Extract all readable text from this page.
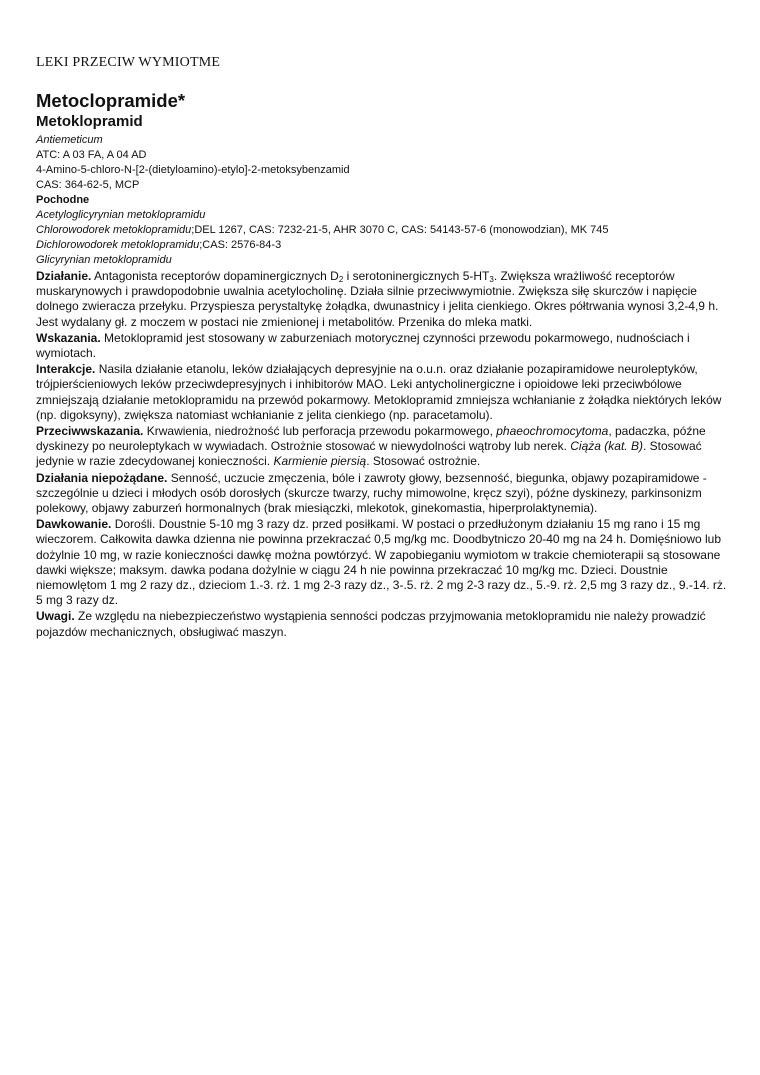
LEKI PRZECIW WYMIOTME
Metoclopramide*
Metoklopramid
Antiemeticum
ATC: A 03 FA, A 04 AD
4-Amino-5-chloro-N-[2-(dietyloamino)-etylo]-2-metoksybenzamid
CAS: 364-62-5, MCP
Pochodne
Acetyloglicyrynian metoklopramidu
Chlorowodorek metoklopramidu;DEL 1267, CAS: 7232-21-5, AHR 3070 C, CAS: 54143-57-6 (monowodzian), MK 745
Dichlorowodorek metoklopramidu;CAS: 2576-84-3
Glicyrynian metoklopramidu

Działanie. Antagonista receptorów dopaminergicznych $D_2$ i serotoninergicznych $5-HT_3$. Zwiększa wrażliwość receptorów muskarynowych i prawdopodobnie uwalnia acetylocholinę. Działa silnie przeciwwymiotnie. Zwiększa siłę skurczów i napięcie dolnego zwieracza przełyku. Przyspiesza perystaltykę żołądka, dwunastnicy i jelita cienkiego. Okres półtrwania wynosi 3,2-4,9 h. Jest wydalany gł. z moczem w postaci nie zmienionej i metabolitów. Przenika do mleka matki.

Wskazania. Metoklopramid jest stosowany w zaburzeniach motorycznej czynności przewodu pokarmowego, nudnościach i wymiotach.

Interakcje. Nasila działanie etanolu, leków działających depresyjnie na o.u.n. oraz działanie pozapiramidowe neuroleptyków, trójpierścieniowych leków przeciwdepresyjnych i inhibitorów MAO. Leki antycholinergiczne i opioidowe leki przeciwbólowe zmniejszają działanie metoklopramidu na przewód pokarmowy. Metoklopramid zmniejsza wchłanianie z żołądka niektórych leków (np. digoksyny), zwiększa natomiast wchłanianie z jelita cienkiego (np. paracetamolu).

Przeciwwskazania. Krwawienia, niedrożność lub perforacja przewodu pokarmowego, phaeochromocytoma, padaczka, późne dyskinezy po neuroleptykach w wywiadach. Ostrożnie stosować w niewydolności wątroby lub nerek. Ciąża (kat. B). Stosować jedynie w razie zdecydowanej konieczności. Karmienie piersią. Stosować ostrożnie.

Działania niepożądane. Senność, uczucie zmęczenia, bóle i zawroty głowy, bezsenność, biegunka, objawy pozapiramidowe - szczególnie u dzieci i młodych osób dorosłych (skurcze twarzy, ruchy mimowolne, kręcz szyi), późne dyskinezy, parkinsonizm polekowy, objawy zaburzeń hormonalnych (brak miesiączki, mlekotok, ginekomastia, hiperprolaktynemia).

Dawkowanie. Dorośli. Doustnie 5-10 mg 3 razy dz. przed posiłkami. W postaci o przedłużonym działaniu 15 mg rano i 15 mg wieczorem. Całkowita dawka dzienna nie powinna przekraczać 0,5 mg/kg mc. Doodbytniczo 20-40 mg na 24 h. Domięśniowo lub dożylnie 10 mg, w razie konieczności dawkę można powtórzyć. W zapobieganiu wymiotom w trakcie chemioterapii są stosowane dawki większe; maksym. dawka podana dożylnie w ciągu 24 h nie powinna przekraczać 10 mg/kg mc. Dzieci. Doustnie niemowlętom 1 mg 2 razy dz., dzieciom 1.-3. rż. 1 mg 2-3 razy dz., 3-.5. rż. 2 mg 2-3 razy dz., 5.-9. rż. 2,5 mg 3 razy dz., 9.-14. rż. 5 mg 3 razy dz.

Uwagi. Ze względu na niebezpieczeństwo wystąpienia senności podczas przyjmowania metoklopramidu nie należy prowadzić pojazdów mechanicznych, obsługiwać maszyn.
